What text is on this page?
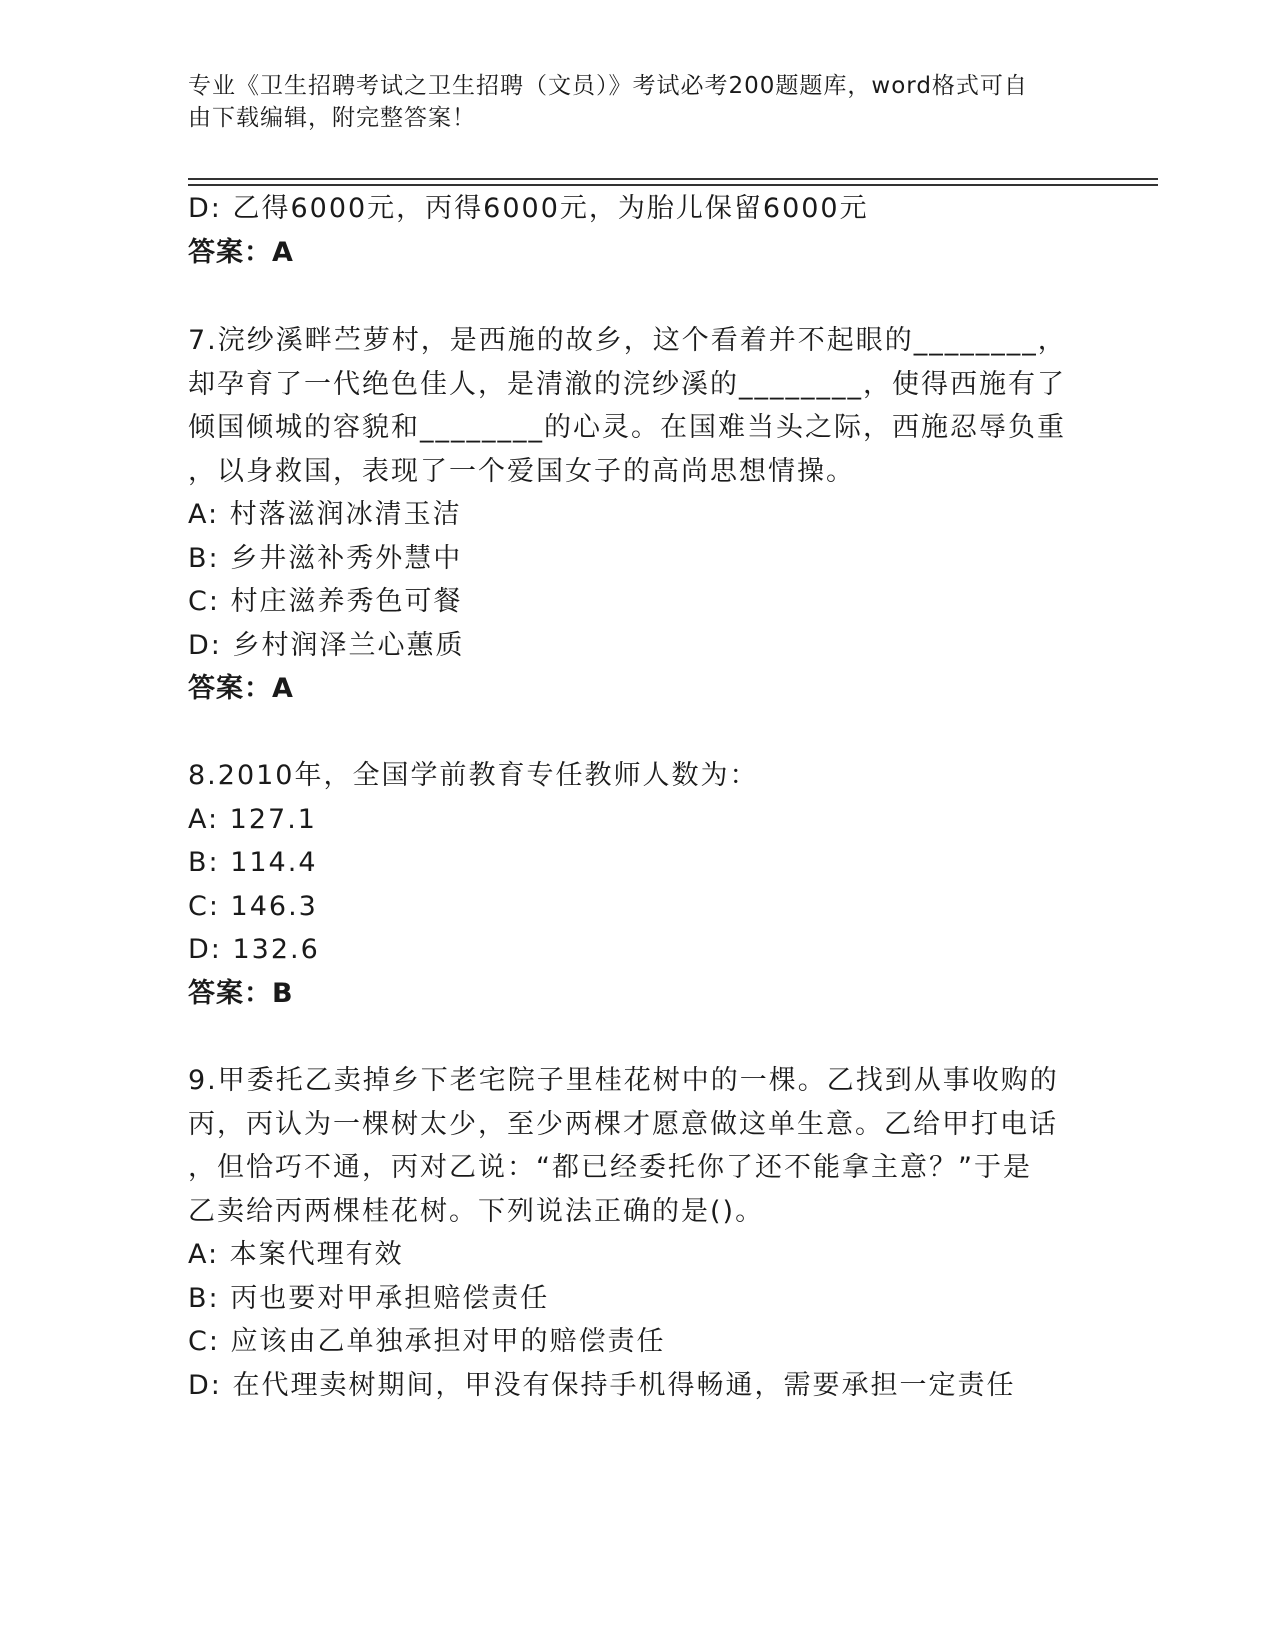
专业《卫生招聘考试之卫生招聘（文员）》考试必考200题题库，word格式可自
由下载编辑，附完整答案！
D: 乙得6000元，丙得6000元，为胎儿保留6000元
答案：A
7.浣纱溪畔苎萝村，是西施的故乡，这个看着并不起眼的________，
却孕育了一代绝色佳人，是清澈的浣纱溪的________，使得西施有了
倾国倾城的容貌和________的心灵。在国难当头之际，西施忍辱负重
，以身救国，表现了一个爱国女子的高尚思想情操。
A: 村落滋润冰清玉洁
B: 乡井滋补秀外慧中
C: 村庄滋养秀色可餐
D: 乡村润泽兰心蕙质
答案：A
8.2010年，全国学前教育专任教师人数为：
A: 127.1
B: 114.4
C: 146.3
D: 132.6
答案：B
9.甲委托乙卖掉乡下老宅院子里桂花树中的一棵。乙找到从事收购的
丙，丙认为一棵树太少，至少两棵才愿意做这单生意。乙给甲打电话
，但恰巧不通，丙对乙说：“都已经委托你了还不能拿主意？”于是
乙卖给丙两棵桂花树。下列说法正确的是()。
A: 本案代理有效
B: 丙也要对甲承担赔偿责任
C: 应该由乙单独承担对甲的赔偿责任
D: 在代理卖树期间，甲没有保持手机得畅通，需要承担一定责任
